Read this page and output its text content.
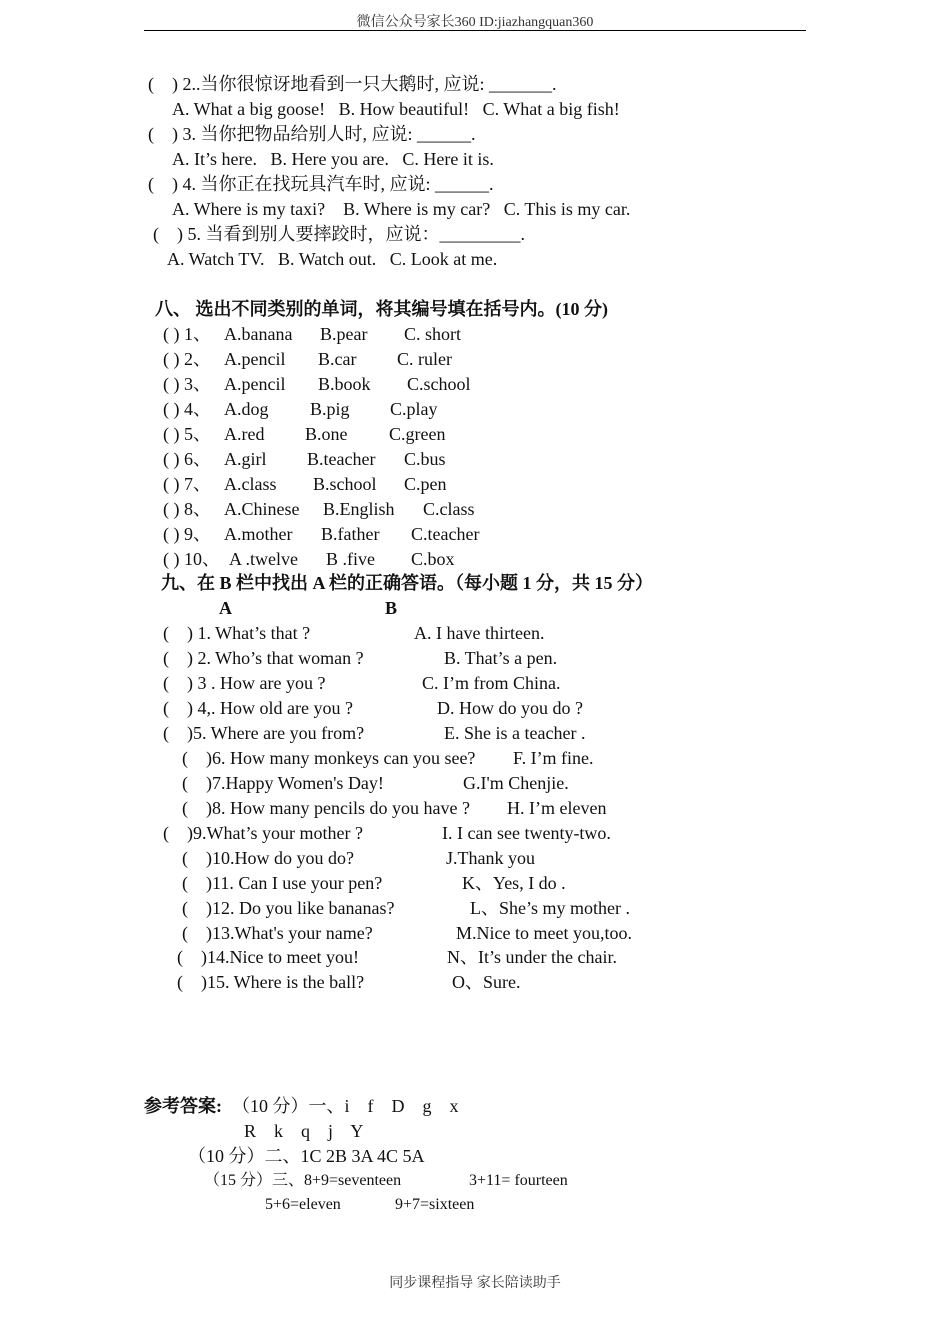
微信公众号家长360 ID:jiazhangquan360
(    ) 2..当你很惊讶地看到一只大鹅时, 应说: _______.
A. What a big goose!   B. How beautiful!   C. What a big fish!
(    ) 3. 当你把物品给别人时, 应说: ______.
A. It’s here.   B. Here you are.   C. Here it is.
(    ) 4. 当你正在找玩具汽车时, 应说: ______.
A. Where is my taxi?    B. Where is my car?   C. This is my car.
(    ) 5. 当看到别人要摔跤时，应说：_________.
A. Watch TV.   B. Watch out.   C. Look at me.
八、 选出不同类别的单词，将其编号填在括号内。(10 分)
( ) 1、 A.banana B.pear C. short
( ) 2、 A.pencil B.car C. ruler
( ) 3、 A.pencil B.book C.school
( ) 4、 A.dog B.pig C.play
( ) 5、 A.red B.one C.green
( ) 6、 A.girl B.teacher C.bus
( ) 7、 A.class B.school C.pen
( ) 8、 A.Chinese B.English C.class
( ) 9、 A.mother B.father C.teacher
( ) 10、 A .twelve B .five C.box
九、在 B 栏中找出 A 栏的正确答语。（每小题 1 分，共 15 分）
A	B
(    ) 1. What’s that ?	A. I have thirteen.
(    ) 2. Who’s that woman ?	B. That’s a pen.
(    ) 3 . How are you ?	C. I’m from China.
(    ) 4,. How old are you ?	D. How do you do ?
(    )5. Where are you from?	E. She is a teacher .
(    )6. How many monkeys can you see? F. I’m fine.
(    )7.Happy Women's Day!	G.I'm Chenjie.
(    )8. How many pencils do you have ? H. I’m eleven
(    )9.What’s your mother ?	I. I can see twenty-two.
(    )10.How do you do?	J.Thank you
(    )11. Can I use your pen?	K、Yes, I do .
(    )12. Do you like bananas?	L、She’s my mother .
(    )13.What's your name?	M.Nice to meet you,too.
(    )14.Nice to meet you!	N、It’s under the chair.
(    )15. Where is the ball?	O、Sure.
参考答案: （10 分）一、i    f    D    g    x
R    k    q    j    Y
（10 分）二、1C 2B 3A 4C 5A
（15 分）三、8+9=seventeen	3+11= fourteen
5+6=eleven	9+7=sixteen
同步课程指导 家长陪读助手
